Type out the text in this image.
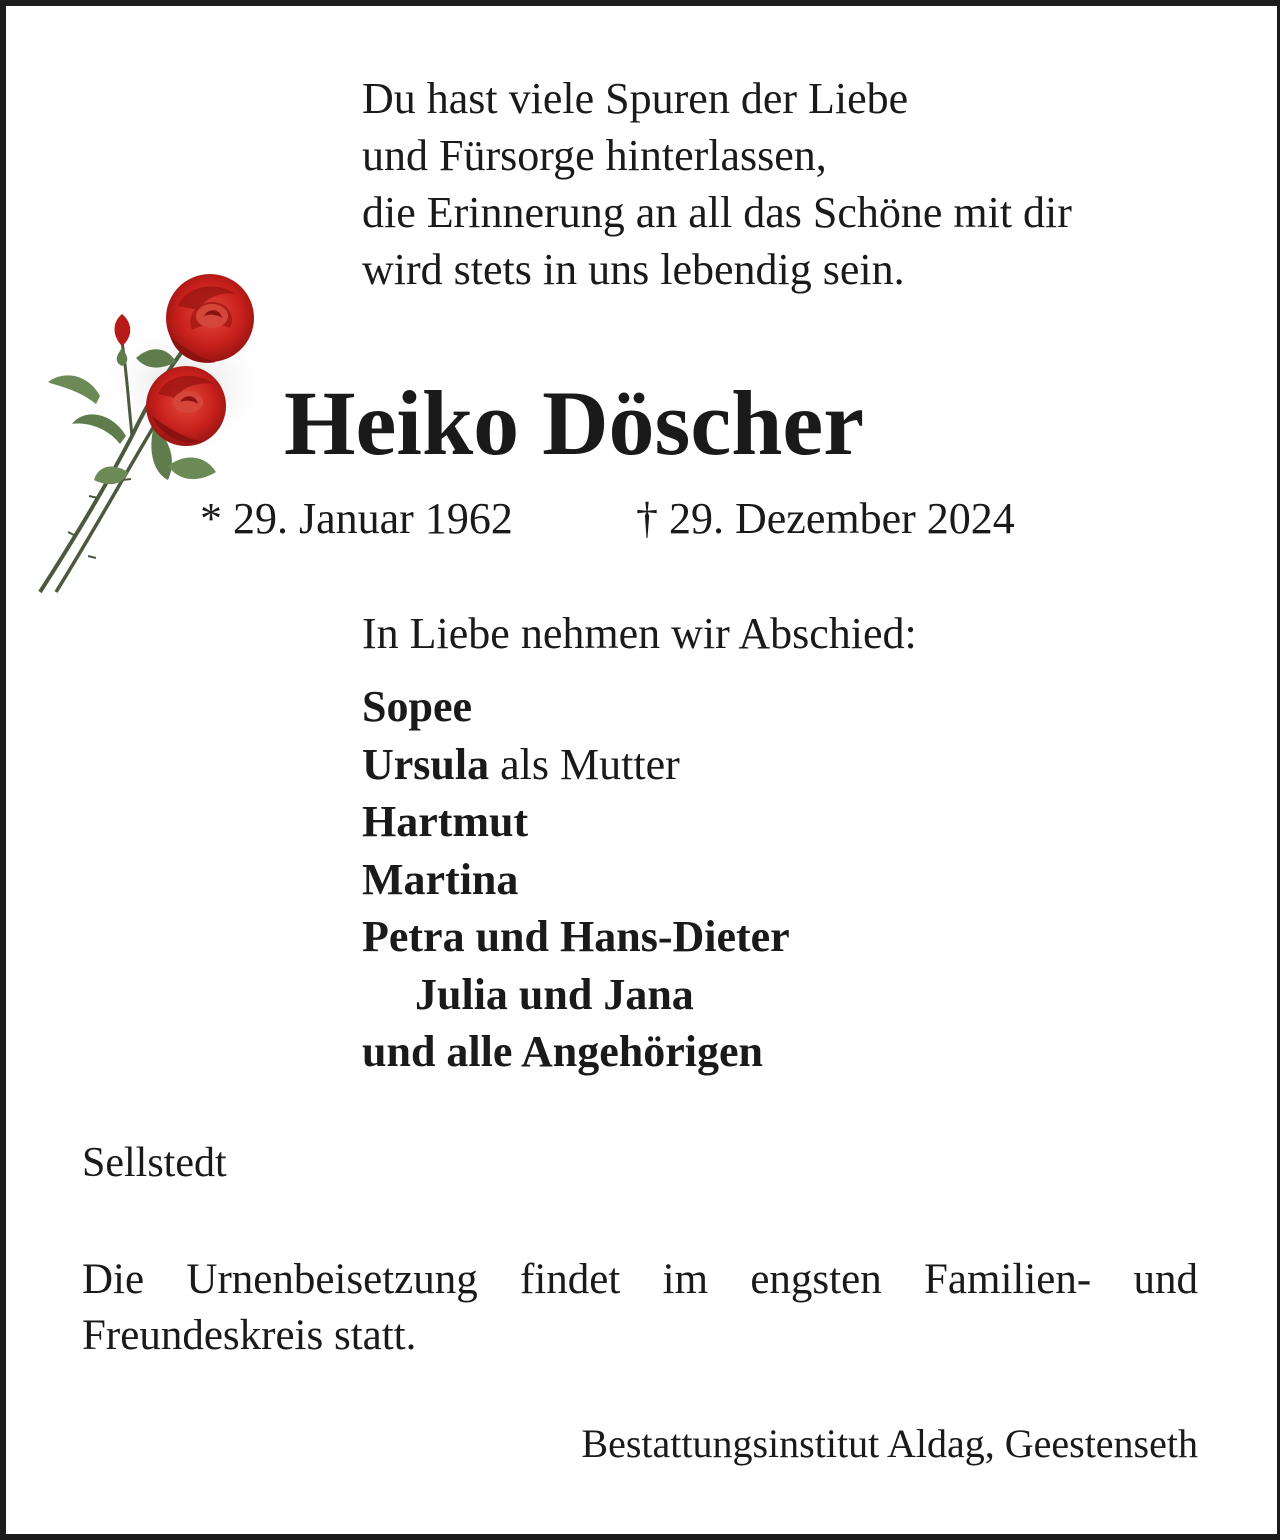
Du hast viele Spuren der Liebe
und Fürsorge hinterlassen,
die Erinnerung an all das Schöne mit dir
wird stets in uns lebendig sein.
Heiko Döscher
* 29. Januar 1962	† 29. Dezember 2024
In Liebe nehmen wir Abschied:
Sopee
Ursula als Mutter
Hartmut
Martina
Petra und Hans-Dieter
Julia und Jana
und alle Angehörigen
Sellstedt
Die Urnenbeisetzung findet im engsten Familien- und
Freundeskreis statt.
Bestattungsinstitut Aldag, Geestenseth
